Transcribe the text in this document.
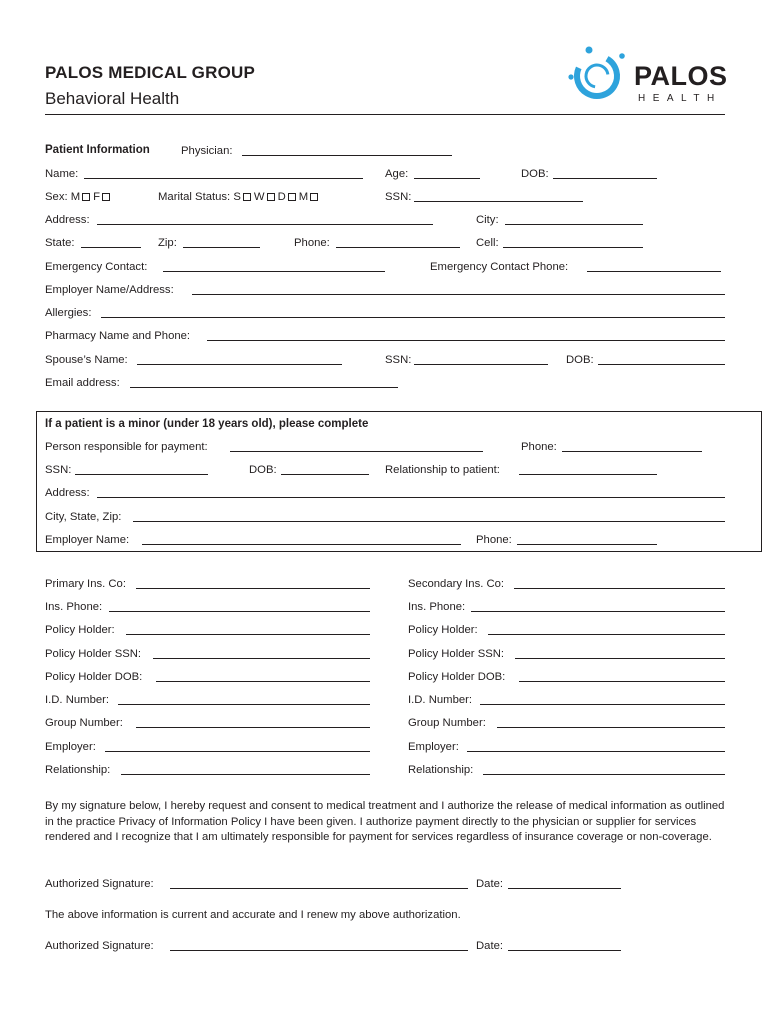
PALOS MEDICAL GROUP
Behavioral Health
PALOS
HEALTH
Patient Information	Physician:
Name:	Age:	DOB:
Sex: M F	Marital Status: S W D M	SSN:
Address:	City:
State:	Zip:	Phone:	Cell:
Emergency Contact:	Emergency Contact Phone:
Employer Name/Address:
Allergies:
Pharmacy Name and Phone:
Spouse’s Name:	SSN:	DOB:
Email address:
If a patient is a minor (under 18 years old), please complete
Person responsible for payment:	Phone:
SSN:	DOB:	Relationship to patient:
Address:
City, State, Zip:
Employer Name:	Phone:
Primary Ins. Co:	Secondary Ins. Co:
Ins. Phone:	Ins. Phone:
Policy Holder:	Policy Holder:
Policy Holder SSN:	Policy Holder SSN:
Policy Holder DOB:	Policy Holder DOB:
I.D. Number:	I.D. Number:
Group Number:	Group Number:
Employer:	Employer:
Relationship:	Relationship:
By my signature below, I hereby request and consent to medical treatment and I authorize the release of medical information as outlined in the practice Privacy of Information Policy I have been given. I authorize payment directly to the physician or supplier for services rendered and I recognize that I am ultimately responsible for payment for services regardless of insurance coverage or non-coverage.
Authorized Signature:	Date:
The above information is current and accurate and I renew my above authorization.
Authorized Signature:	Date:
